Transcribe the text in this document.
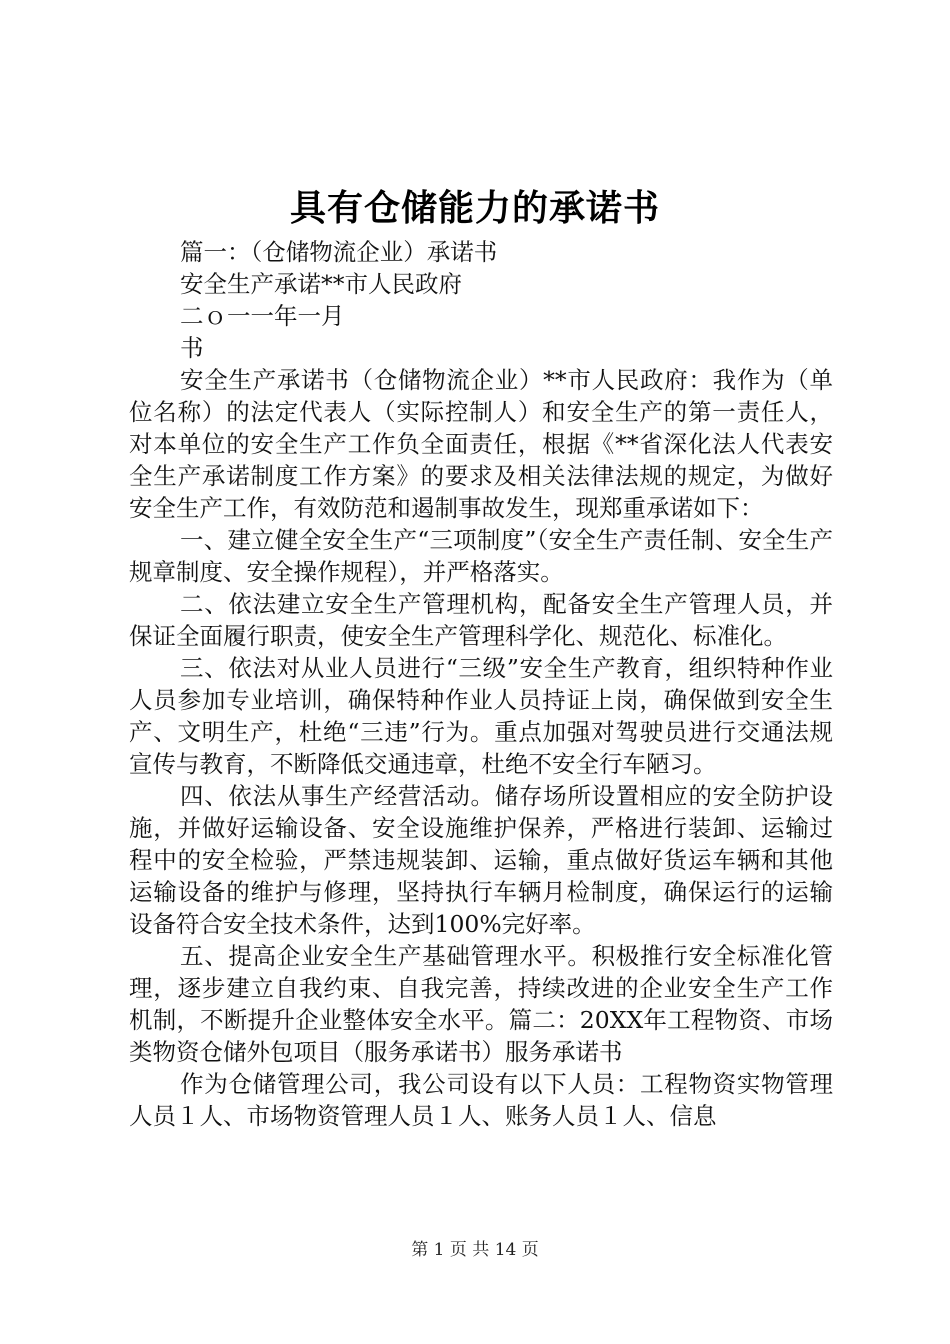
具有仓储能力的承诺书
篇一：（仓储物流企业）承诺书
安全生产承诺**市人民政府
二ｏ一一年一月
书

安全生产承诺书（仓储物流企业）**市人民政府：我作为（单位名称）的法定代表人（实际控制人）和安全生产的第一责任人，对本单位的安全生产工作负全面责任，根据《**省深化法人代表安全生产承诺制度工作方案》的要求及相关法律法规的规定，为做好安全生产工作，有效防范和遏制事故发生，现郑重承诺如下：

一、建立健全安全生产“三项制度”（安全生产责任制、安全生产规章制度、安全操作规程），并严格落实。

二、依法建立安全生产管理机构，配备安全生产管理人员，并保证全面履行职责，使安全生产管理科学化、规范化、标准化。

三、依法对从业人员进行“三级”安全生产教育，组织特种作业人员参加专业培训，确保特种作业人员持证上岗，确保做到安全生产、文明生产，杜绝“三违”行为。重点加强对驾驶员进行交通法规宣传与教育，不断降低交通违章，杜绝不安全行车陋习。

四、依法从事生产经营活动。储存场所设置相应的安全防护设施，并做好运输设备、安全设施维护保养，严格进行装卸、运输过程中的安全检验，严禁违规装卸、运输，重点做好货运车辆和其他运输设备的维护与修理，坚持执行车辆月检制度，确保运行的运输设备符合安全技术条件，达到100%完好率。

五、提高企业安全生产基础管理水平。积极推行安全标准化管理，逐步建立自我约束、自我完善，持续改进的企业安全生产工作机制，不断提升企业整体安全水平。篇二：20XX年工程物资、市场类物资仓储外包项目（服务承诺书）服务承诺书

作为仓储管理公司，我公司设有以下人员：工程物资实物管理人员１人、市场物资管理人员１人、账务人员１人、信息

第 1 页 共 14 页
